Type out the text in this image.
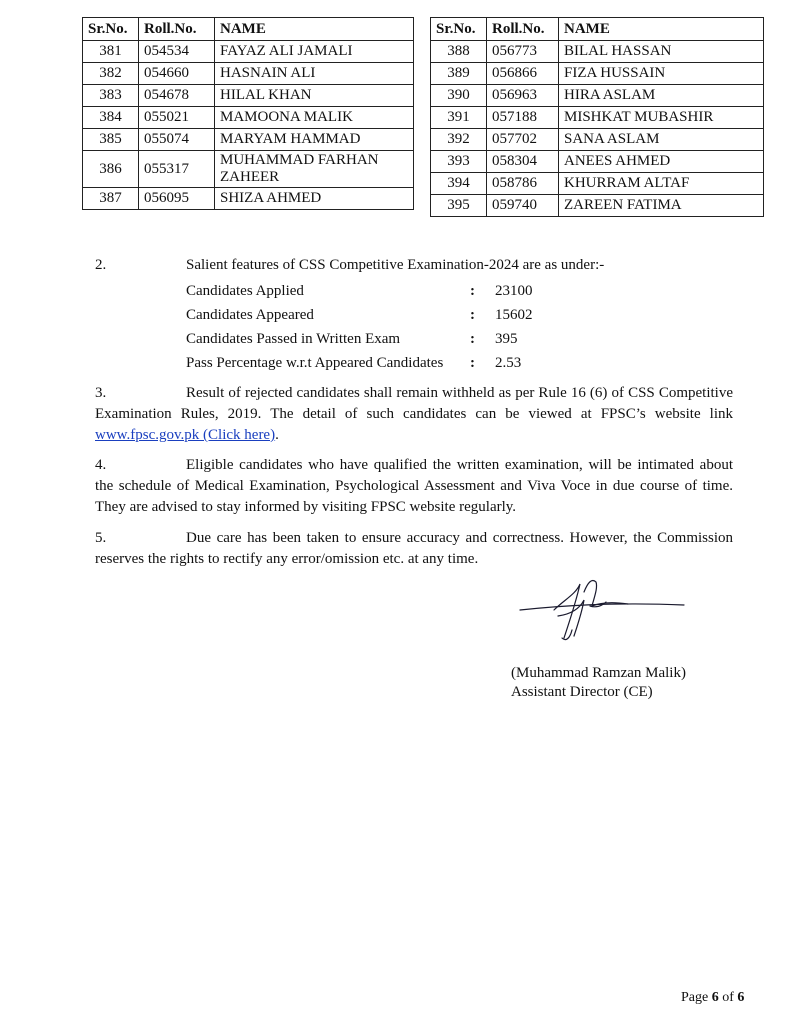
Sr.No.	Roll.No.	NAME
381	054534	FAYAZ ALI JAMALI
382	054660	HASNAIN ALI
383	054678	HILAL KHAN
384	055021	MAMOONA MALIK
385	055074	MARYAM HAMMAD
386	055317	MUHAMMAD FARHAN ZAHEER
387	056095	SHIZA AHMED
Sr.No.	Roll.No.	NAME
388	056773	BILAL HASSAN
389	056866	FIZA HUSSAIN
390	056963	HIRA ASLAM
391	057188	MISHKAT MUBASHIR
392	057702	SANA ASLAM
393	058304	ANEES AHMED
394	058786	KHURRAM ALTAF
395	059740	ZAREEN FATIMA
2.	Salient features of CSS Competitive Examination-2024 are as under:-
Candidates Applied	: 23100
Candidates Appeared	: 15602
Candidates Passed in Written Exam	: 395
Pass Percentage w.r.t Appeared Candidates : 2.53
3.	Result of rejected candidates shall remain withheld as per Rule 16 (6) of CSS Competitive Examination Rules, 2019. The detail of such candidates can be viewed at FPSC’s website link www.fpsc.gov.pk (Click here).
4.	Eligible candidates who have qualified the written examination, will be intimated about the schedule of Medical Examination, Psychological Assessment and Viva Voce in due course of time. They are advised to stay informed by visiting FPSC website regularly.
5.	Due care has been taken to ensure accuracy and correctness. However, the Commission reserves the rights to rectify any error/omission etc. at any time.
(Muhammad Ramzan Malik)
Assistant Director (CE)
Page 6 of 6
